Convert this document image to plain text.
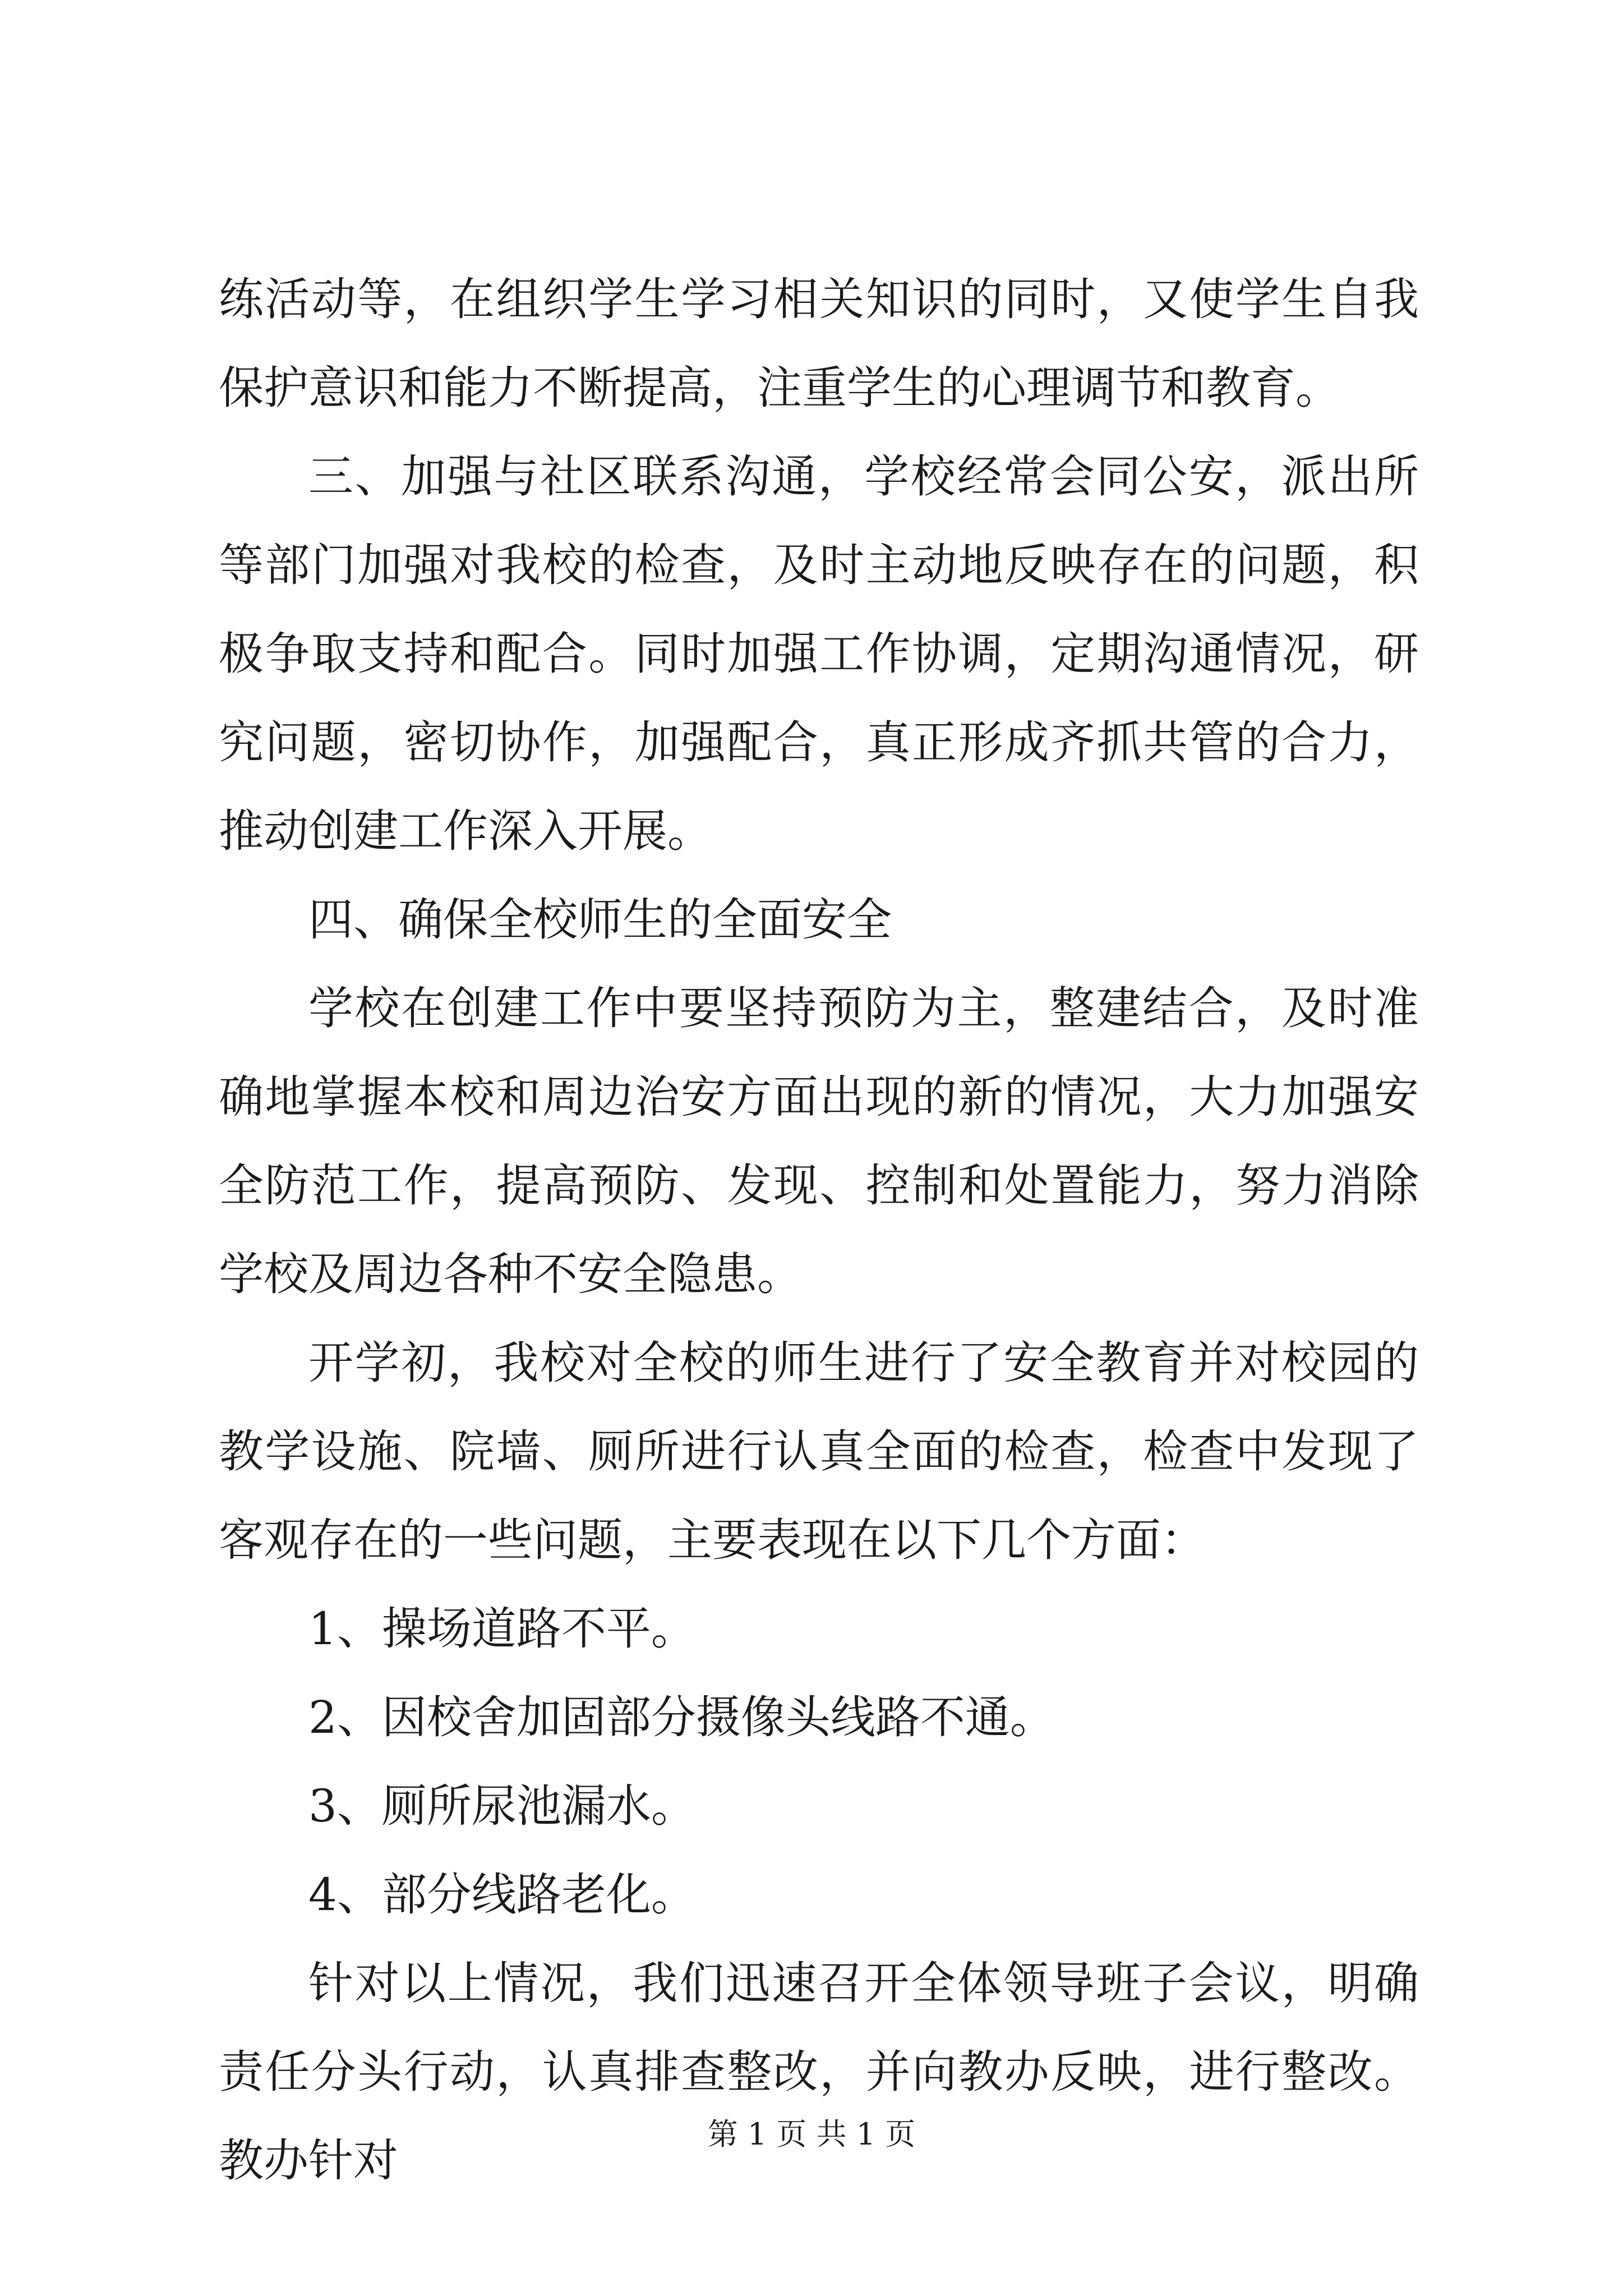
练活动等，在组织学生学习相关知识的同时，又使学生自我保护意识和能力不断提高，注重学生的心理调节和教育。

三、加强与社区联系沟通，学校经常会同公安，派出所等部门加强对我校的检查，及时主动地反映存在的问题，积极争取支持和配合。同时加强工作协调，定期沟通情况，研究问题，密切协作，加强配合，真正形成齐抓共管的合力，推动创建工作深入开展。

四、确保全校师生的全面安全

学校在创建工作中要坚持预防为主，整建结合，及时准确地掌握本校和周边治安方面出现的新的情况，大力加强安全防范工作，提高预防、发现、控制和处置能力，努力消除学校及周边各种不安全隐患。

开学初，我校对全校的师生进行了安全教育并对校园的教学设施、院墙、厕所进行认真全面的检查，检查中发现了客观存在的一些问题，主要表现在以下几个方面：

1、操场道路不平。

2、因校舍加固部分摄像头线路不通。

3、厕所尿池漏水。

4、部分线路老化。

针对以上情况，我们迅速召开全体领导班子会议，明确责任分头行动，认真排查整改，并向教办反映，进行整改。教办针对

第 1 页 共 1 页
